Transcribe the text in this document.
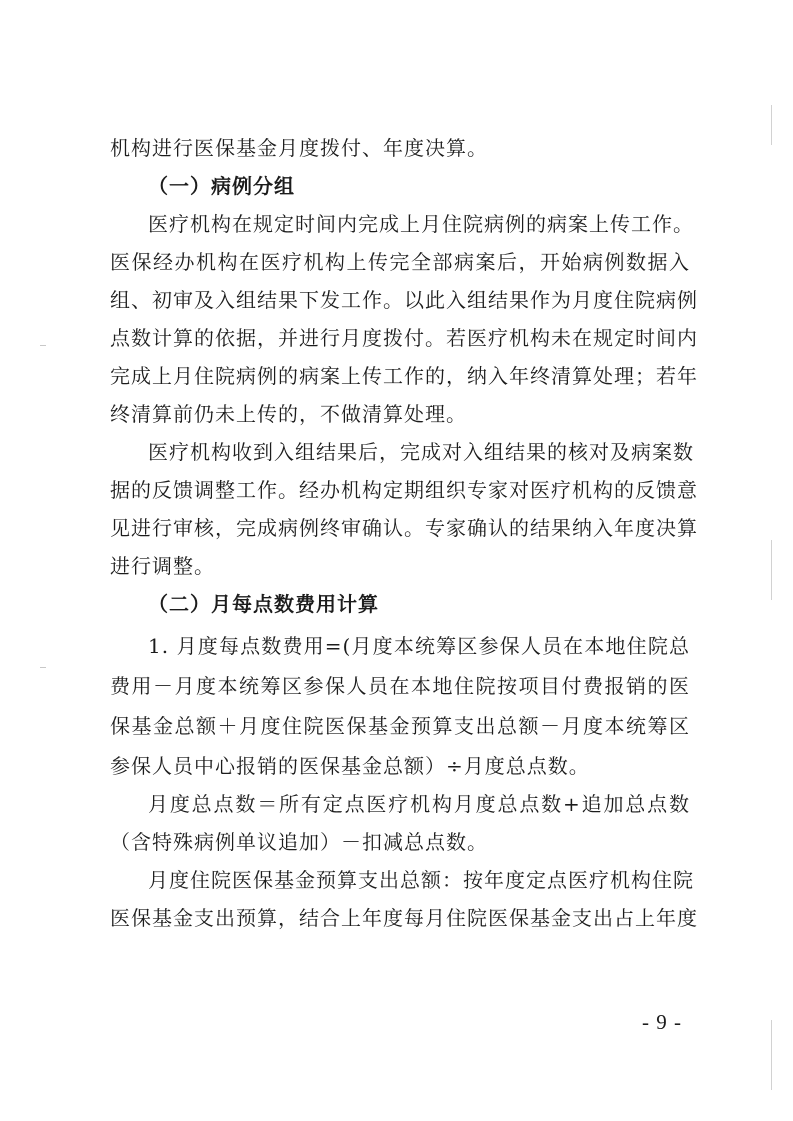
机构进行医保基金月度拨付、年度决算。
（一）病例分组
医疗机构在规定时间内完成上月住院病例的病案上传工作。
医保经办机构在医疗机构上传完全部病案后，开始病例数据入
组、初审及入组结果下发工作。以此入组结果作为月度住院病例
点数计算的依据，并进行月度拨付。若医疗机构未在规定时间内
完成上月住院病例的病案上传工作的，纳入年终清算处理；若年
终清算前仍未上传的，不做清算处理。
医疗机构收到入组结果后，完成对入组结果的核对及病案数
据的反馈调整工作。经办机构定期组织专家对医疗机构的反馈意
见进行审核，完成病例终审确认。专家确认的结果纳入年度决算
进行调整。
（二）月每点数费用计算
1. 月度每点数费用=(月度本统筹区参保人员在本地住院总
费用－月度本统筹区参保人员在本地住院按项目付费报销的医
保基金总额＋月度住院医保基金预算支出总额－月度本统筹区
参保人员中心报销的医保基金总额）÷月度总点数。
月度总点数＝所有定点医疗机构月度总点数+追加总点数
（含特殊病例单议追加）－扣减总点数。
月度住院医保基金预算支出总额：按年度定点医疗机构住院
医保基金支出预算，结合上年度每月住院医保基金支出占上年度
- 9 -
